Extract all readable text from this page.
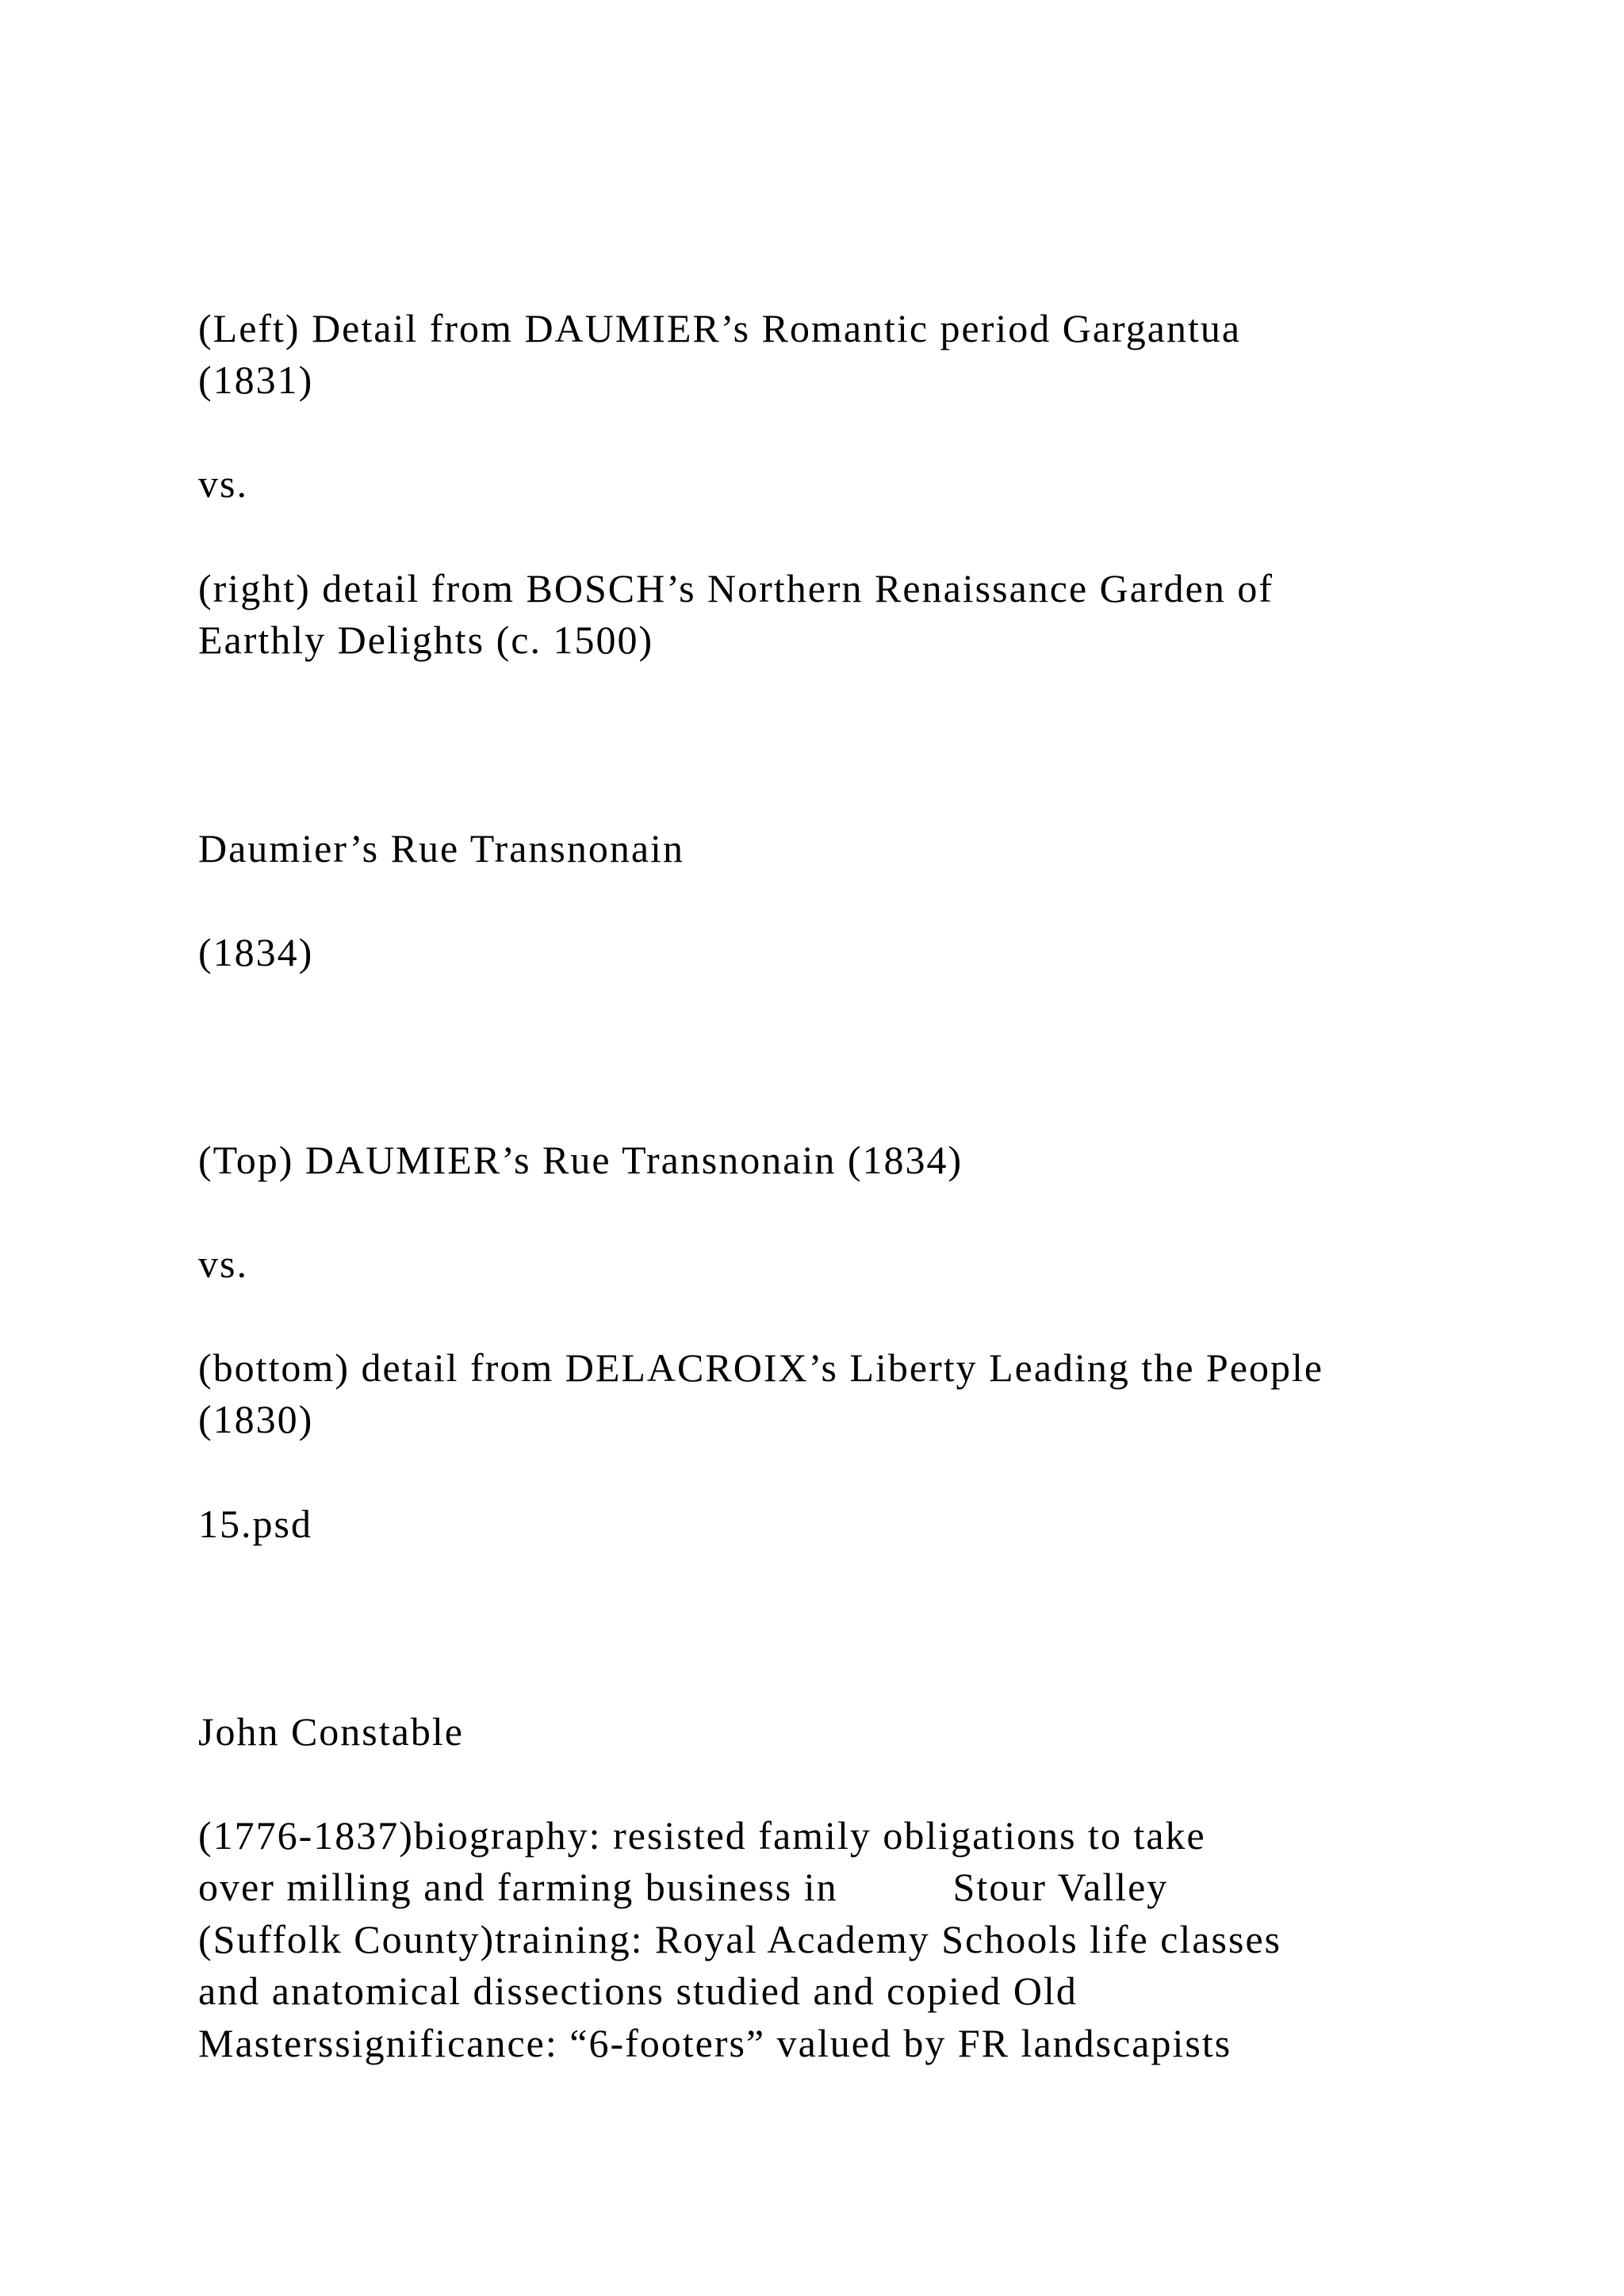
(Left) Detail from DAUMIER’s Romantic period Gargantua

(1831)

vs.

(right) detail from BOSCH’s Northern Renaissance Garden of

Earthly Delights (c. 1500)

Daumier’s Rue Transnonain

(1834)

(Top) DAUMIER’s Rue Transnonain (1834)

vs.

(bottom) detail from DELACROIX’s Liberty Leading the People

(1830)

15.psd

John Constable

(1776-1837)biography: resisted family obligations to take

over milling and farming business in          Stour Valley

(Suffolk County)training: Royal Academy Schools life classes

and anatomical dissections studied and copied Old

Masterssignificance: “6-footers” valued by FR landscapists
